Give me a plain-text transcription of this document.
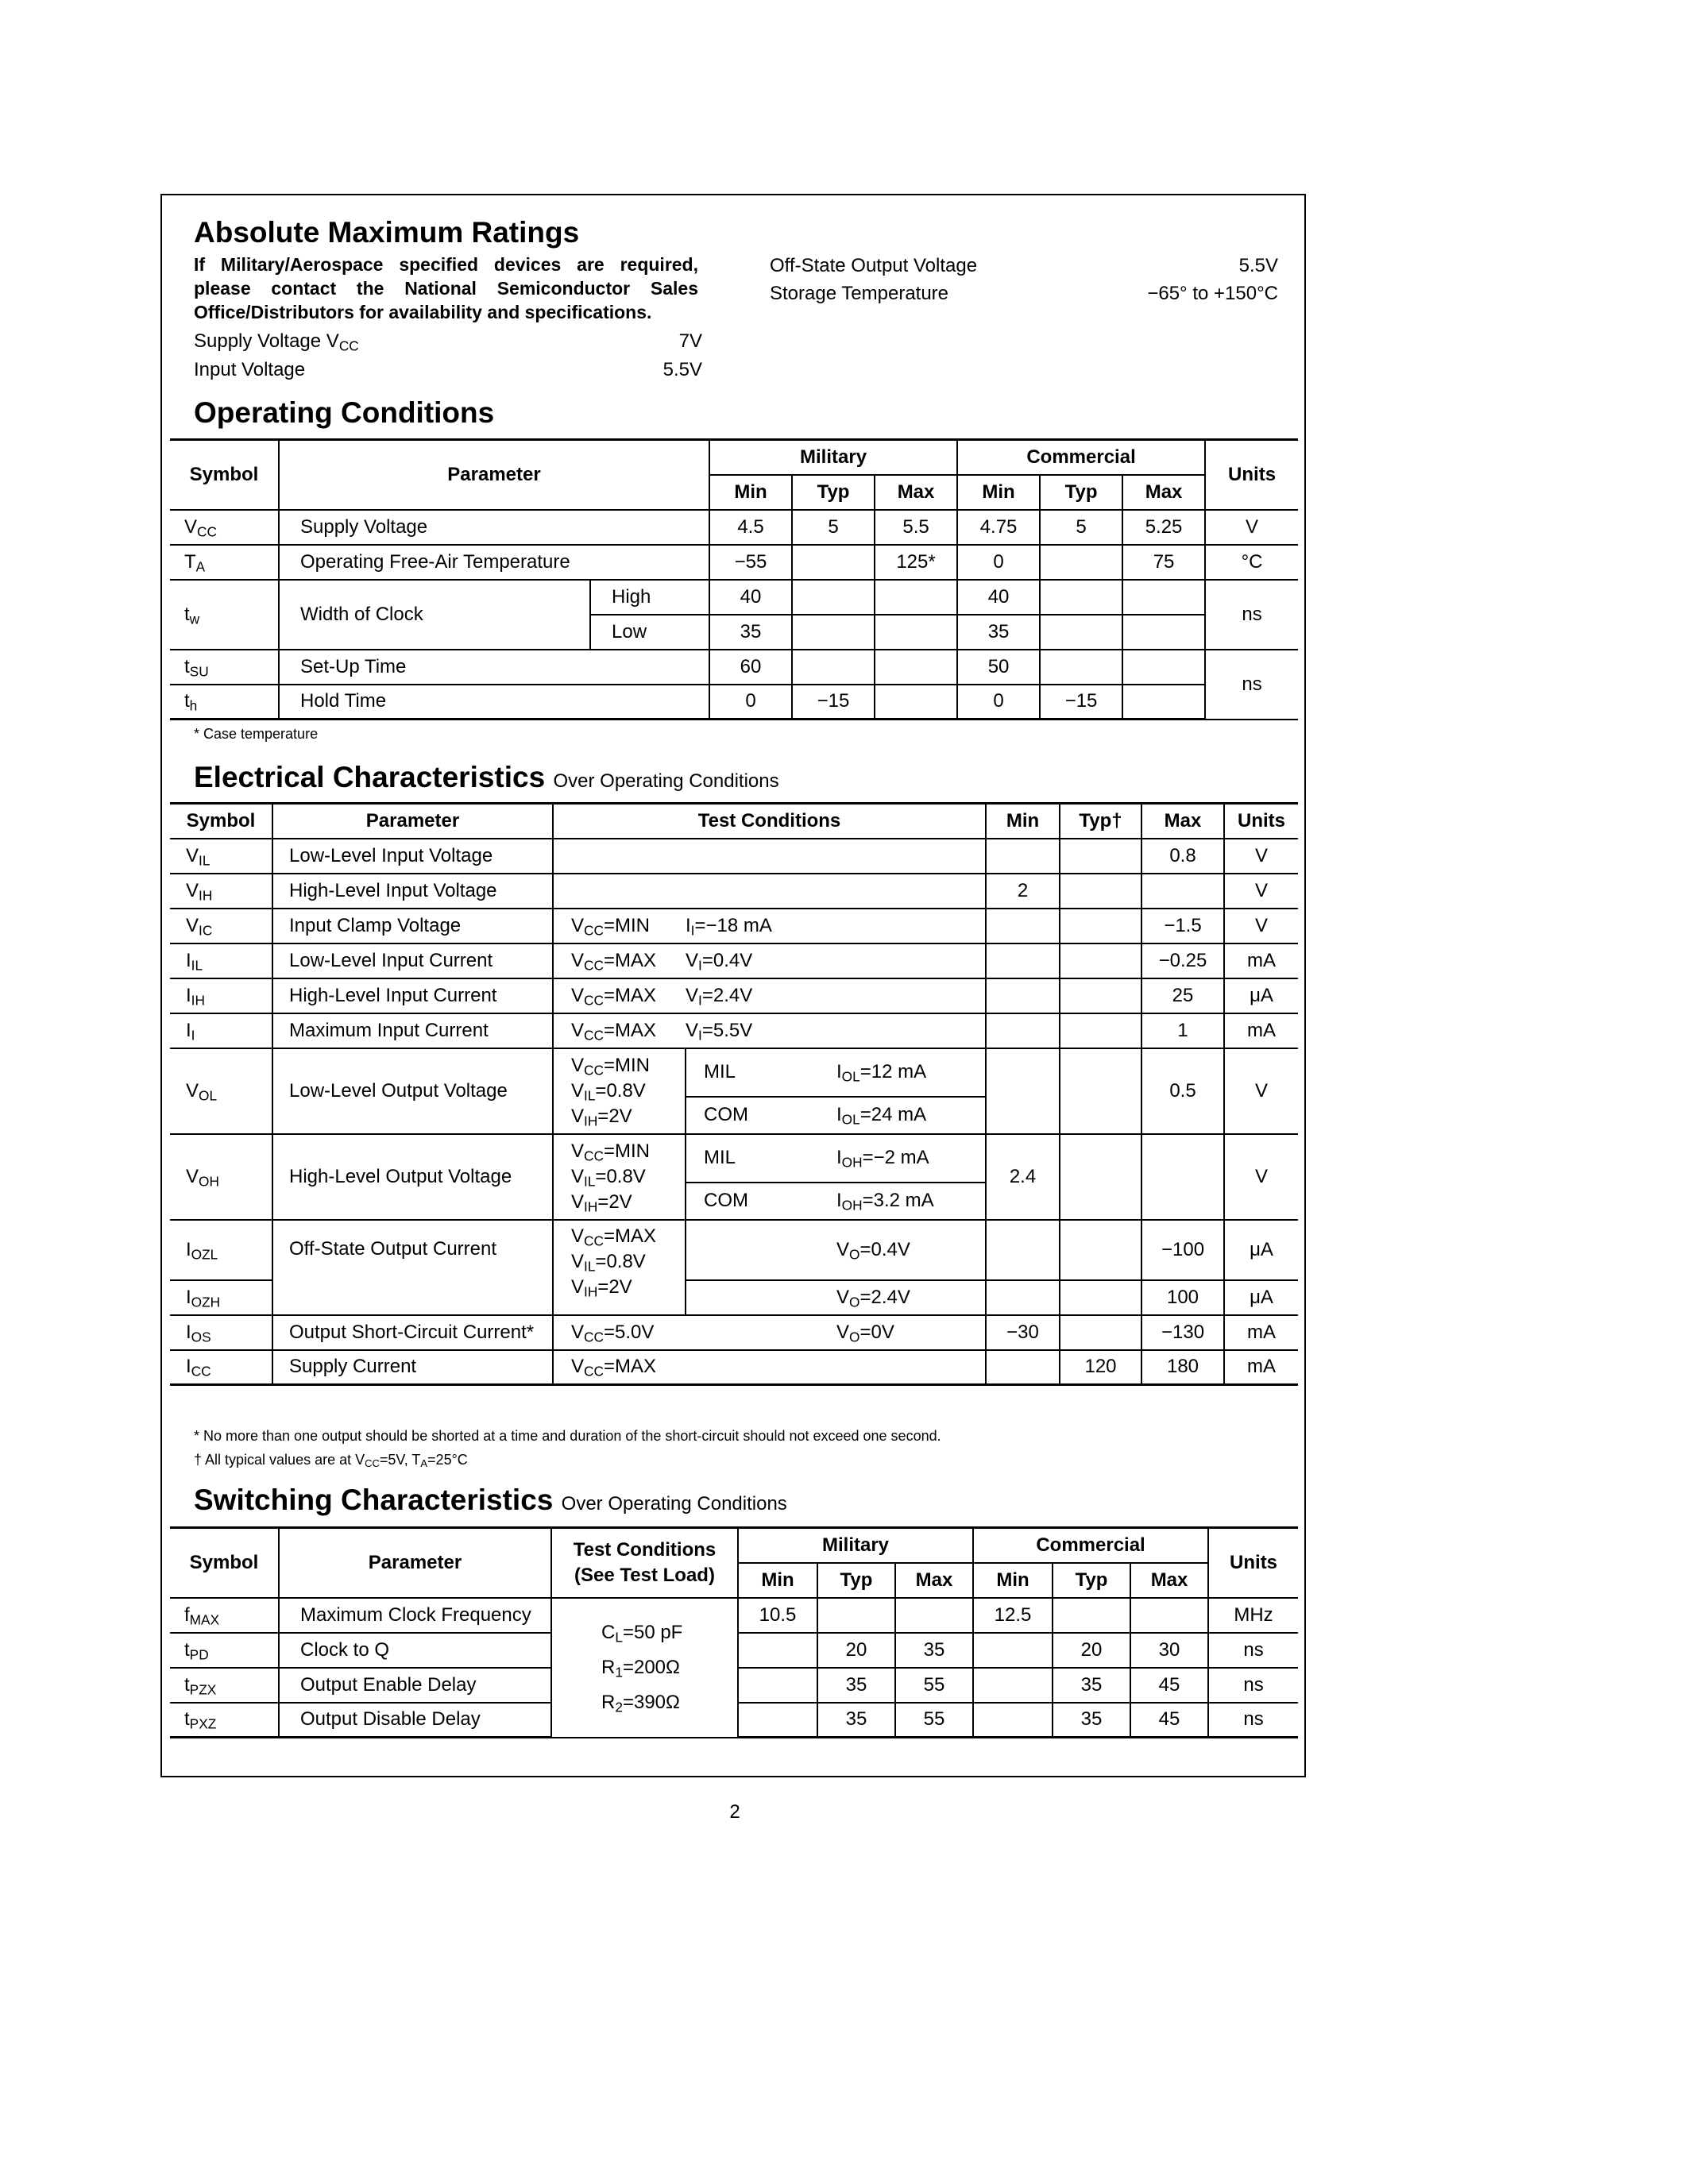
Absolute Maximum Ratings
If Military/Aerospace specified devices are required, please contact the National Semiconductor Sales Office/Distributors for availability and specifications.
Supply Voltage $V_{CC}$	7V
Input Voltage	5.5V
Off-State Output Voltage	5.5V
Storage Temperature	−65° to +150°C
Operating Conditions
Symbol	Parameter		Military			Commercial			Units
			Min	Typ	Max	Min	Typ	Max	
$V_{CC}$	Supply Voltage		4.5	5	5.5	4.75	5	5.25	V
$T_A$	Operating Free-Air Temperature		−55		125*	0		75	°C
$t_w$	Width of Clock	High	40			40			ns
		Low	35			35			
$t_{SU}$	Set-Up Time		60			50			ns
$t_h$	Hold Time		0	−15		0	−15		
* Case temperature
Electrical Characteristics Over Operating Conditions
Symbol	Parameter	Test Conditions			Min	Typ†	Max	Units
$V_{IL}$	Low-Level Input Voltage						0.8	V
$V_{IH}$	High-Level Input Voltage				2			V
$V_{IC}$	Input Clamp Voltage	$V_{CC}=MIN$	$I_I=-18$ mA				−1.5	V
$I_{IL}$	Low-Level Input Current	$V_{CC}=MAX$	$V_I=0.4V$				−0.25	mA
$I_{IH}$	High-Level Input Current	$V_{CC}=MAX$	$V_I=2.4V$				25	μA
$I_I$	Maximum Input Current	$V_{CC}=MAX$	$V_I=5.5V$				1	mA
$V_{OL}$	Low-Level Output Voltage	$V_{CC}=MIN$
$V_{IL}=0.8V$
$V_{IH}=2V$	MIL	$I_{OL}=12$ mA			0.5	V
			COM	$I_{OL}=24$ mA				
$V_{OH}$	High-Level Output Voltage	$V_{CC}=MIN$
$V_{IL}=0.8V$
$V_{IH}=2V$	MIL	$I_{OH}=-2$ mA	2.4			V
			COM	$I_{OH}=3.2$ mA				
$I_{OZL}$	Off-State Output Current	$V_{CC}=MAX$
$V_{IL}=0.8V$
$V_{IH}=2V$		$V_O=0.4V$			−100	μA
$I_{OZH}$				$V_O=2.4V$			100	μA
$I_{OS}$	Output Short-Circuit Current*	$V_{CC}=5.0V$		$V_O=0V$	−30		−130	mA
$I_{CC}$	Supply Current	$V_{CC}=MAX$				120	180	mA
* No more than one output should be shorted at a time and duration of the short-circuit should not exceed one second.
† All typical values are at $V_{CC}=5V$, $T_A=25^\circ C$
Switching Characteristics Over Operating Conditions
Symbol	Parameter	Test Conditions
(See Test Load)	Military			Commercial			Units
			Min	Typ	Max	Min	Typ	Max	
$f_{MAX}$	Maximum Clock Frequency	$C_L=50$ pF
$R_1=200\Omega$
$R_2=390\Omega$	10.5			12.5			MHz
$t_{PD}$	Clock to Q			20	35		20	30	ns
$t_{PZX}$	Output Enable Delay			35	55		35	45	ns
$t_{PXZ}$	Output Disable Delay			35	55		35	45	ns
2
